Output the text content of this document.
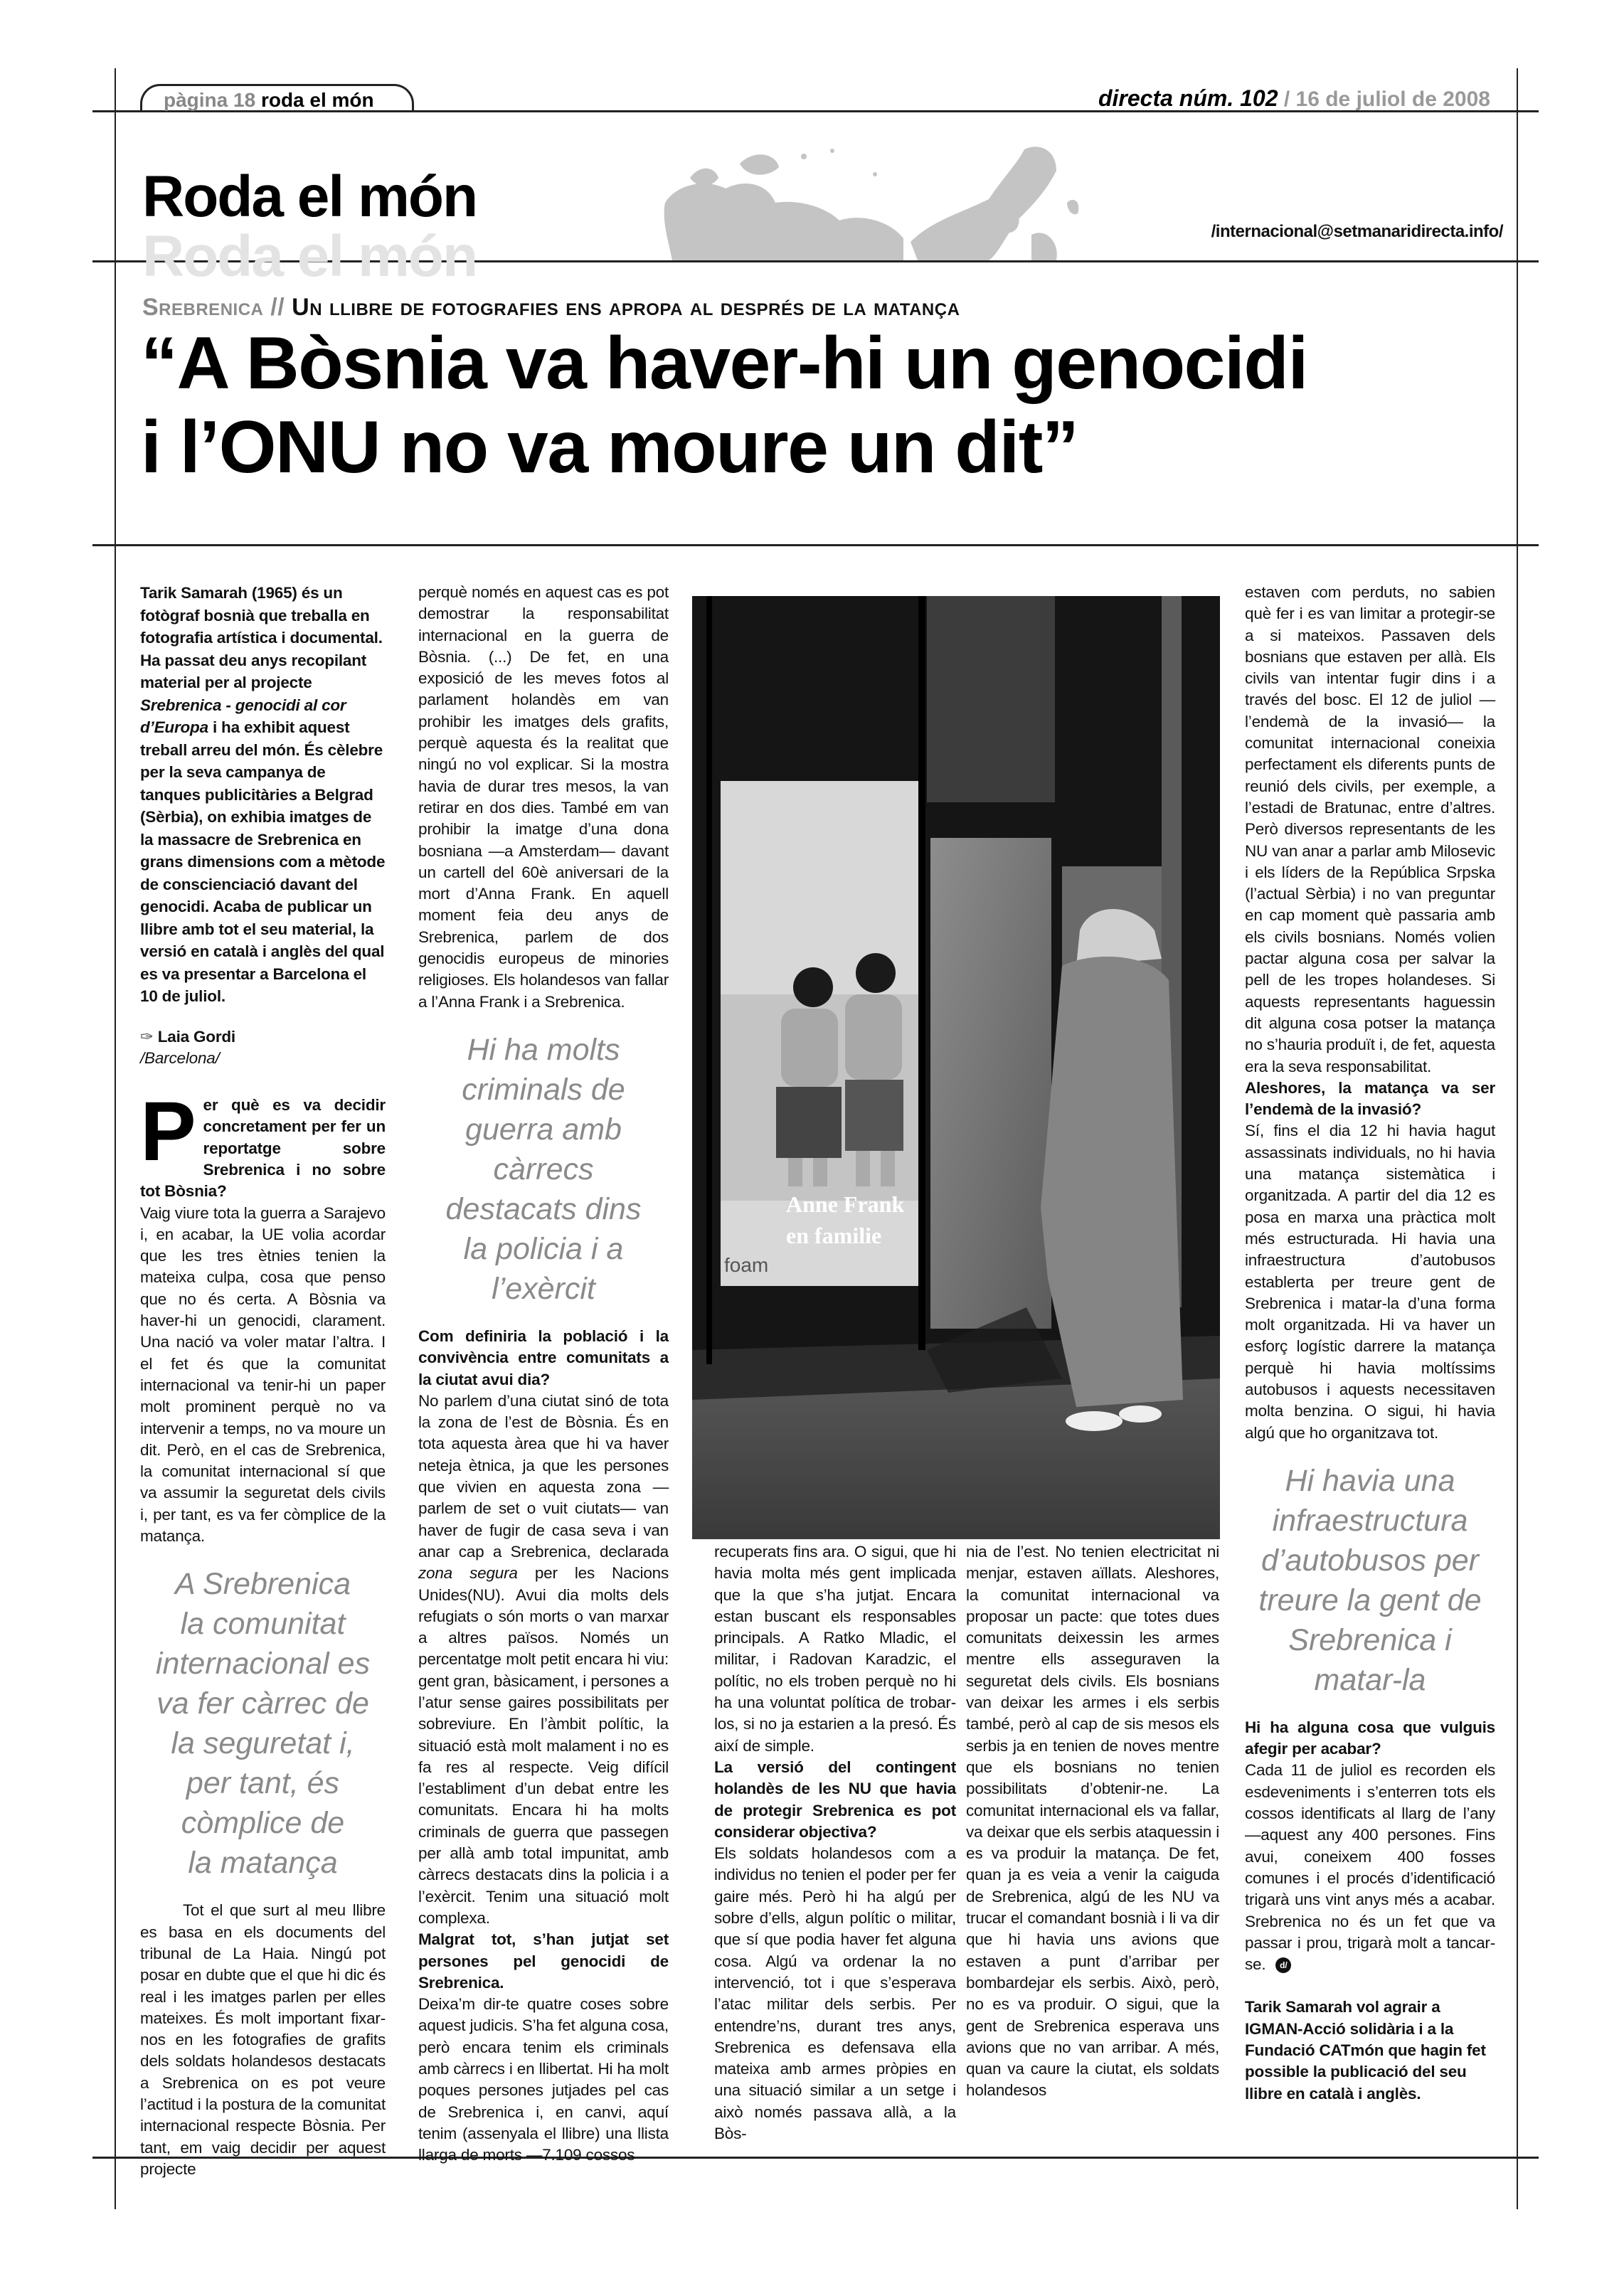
pàgina 18 roda el món	directa núm. 102 / 16 de juliol de 2008
Roda el món
Roda el món
/internacional@setmanaridirecta.info/
Srebrenica // Un llibre de fotografies ens apropa al després de la matança
“A Bòsnia va haver-hi un genocidi
i l’ONU no va moure un dit”

Tarik Samarah (1965) és un fotògraf bosnià que treballa en fotografia artística i documental. Ha passat deu anys recopilant material per al projecte Srebrenica - genocidi al cor d’Europa i ha exhibit aquest treball arreu del món. És cèlebre per la seva campanya de tanques publicitàries a Belgrad (Sèrbia), on exhibia imatges de la massacre de Srebrenica en grans dimensions com a mètode de conscienciació davant del genocidi. Acaba de publicar un llibre amb tot el seu material, la versió en català i anglès del qual es va presentar a Barcelona el 10 de juliol.

✑ Laia Gordi

/Barcelona/

Per què es va decidir concretament per fer un reportatge sobre Srebrenica i no sobre tot Bòsnia?

Vaig viure tota la guerra a Sarajevo i, en acabar, la UE volia acordar que les tres ètnies tenien la mateixa culpa, cosa que penso que no és certa. A Bòsnia va haver-hi un genocidi, clarament. Una nació va voler matar l’altra. I el fet és que la comunitat internacional va tenir-hi un paper molt prominent perquè no va intervenir a temps, no va moure un dit. Però, en el cas de Srebrenica, la comunitat internacional sí que va assumir la seguretat dels civils i, per tant, es va fer còmplice de la matança.

A Srebrenica
la comunitat
internacional es
va fer càrrec de
la seguretat i,
per tant, és
còmplice de
la matança

Tot el que surt al meu llibre es basa en els documents del tribunal de La Haia. Ningú pot posar en dubte que el que hi dic és real i les imatges parlen per elles mateixes. És molt important fixar-nos en les fotografies de grafits dels soldats holandesos destacats a Srebrenica on es pot veure l’actitud i la postura de la comunitat internacional respecte Bòsnia. Per tant, em vaig decidir per aquest projecte

perquè només en aquest cas es pot demostrar la responsabilitat internacional en la guerra de Bòsnia. (...) De fet, en una exposició de les meves fotos al parlament holandès em van prohibir les imatges dels grafits, perquè aquesta és la realitat que ningú no vol explicar. Si la mostra havia de durar tres mesos, la van retirar en dos dies. També em van prohibir la imatge d’una dona bosniana —a Amsterdam— davant un cartell del 60è aniversari de la mort d’Anna Frank. En aquell moment feia deu anys de Srebrenica, parlem de dos genocidis europeus de minories religioses. Els holandesos van fallar a l’Anna Frank i a Srebrenica.

Hi ha molts
criminals de
guerra amb
càrrecs
destacats dins
la policia i a
l’exèrcit

Com definiria la població i la convivència entre comunitats a la ciutat avui dia?

No parlem d’una ciutat sinó de tota la zona de l’est de Bòsnia. És en tota aquesta àrea que hi va haver neteja ètnica, ja que les persones que vivien en aquesta zona —parlem de set o vuit ciutats— van haver de fugir de casa seva i van anar cap a Srebrenica, declarada zona segura per les Nacions Unides(NU). Avui dia molts dels refugiats o són morts o van marxar a altres països. Només un percentatge molt petit encara hi viu: gent gran, bàsicament, i persones a l’atur sense gaires possibilitats per sobreviure. En l’àmbit polític, la situació està molt malament i no es fa res al respecte. Veig difícil l’establiment d’un debat entre les comunitats. Encara hi ha molts criminals de guerra que passegen per allà amb total impunitat, amb càrrecs destacats dins la policia i a l’exèrcit. Tenim una situació molt complexa.

Malgrat tot, s’han jutjat set persones pel genocidi de Srebrenica.

Deixa’m dir-te quatre coses sobre aquest judicis. S’ha fet alguna cosa, però encara tenim els criminals amb càrrecs i en llibertat. Hi ha molt poques persones jutjades pel cas de Srebrenica i, en canvi, aquí tenim (assenyala el llibre) una llista llarga de morts —7.109 cossos

Anne Frank
en familie
foam

recuperats fins ara. O sigui, que hi havia molta més gent implicada que la que s’ha jutjat. Encara estan buscant els responsables principals. A Ratko Mladic, el militar, i Radovan Karadzic, el polític, no els troben perquè no hi ha una voluntat política de trobar-los, si no ja estarien a la presó. És així de simple.

La versió del contingent holandès de les NU que havia de protegir Srebrenica es pot considerar objectiva?

Els soldats holandesos com a individus no tenien el poder per fer gaire més. Però hi ha algú per sobre d’ells, algun polític o militar, que sí que podia haver fet alguna cosa. Algú va ordenar la no intervenció, tot i que s’esperava l’atac militar dels serbis. Per entendre’ns, durant tres anys, Srebrenica es defensava ella mateixa amb armes pròpies en una situació similar a un setge i això només passava allà, a la Bòs-

nia de l’est. No tenien electricitat ni menjar, estaven aïllats. Aleshores, la comunitat internacional va proposar un pacte: que totes dues comunitats deixessin les armes mentre ells asseguraven la seguretat dels civils. Els bosnians van deixar les armes i els serbis també, però al cap de sis mesos els serbis ja en tenien de noves mentre que els bosnians no tenien possibilitats d’obtenir-ne. La comunitat internacional els va fallar, va deixar que els serbis ataquessin i es va produir la matança. De fet, quan ja es veia a venir la caiguda de Srebrenica, algú de les NU va trucar el comandant bosnià i li va dir que hi havia uns avions que estaven a punt d’arribar per bombardejar els serbis. Això, però, no es va produir. O sigui, que la gent de Srebrenica esperava uns avions que no van arribar. A més, quan va caure la ciutat, els soldats holandesos

estaven com perduts, no sabien què fer i es van limitar a protegir-se a si mateixos. Passaven dels bosnians que estaven per allà. Els civils van intentar fugir dins i a través del bosc. El 12 de juliol —l’endemà de la invasió— la comunitat internacional coneixia perfectament els diferents punts de reunió dels civils, per exemple, a l’estadi de Bratunac, entre d’altres. Però diversos representants de les NU van anar a parlar amb Milosevic i els líders de la República Srpska (l’actual Sèrbia) i no van preguntar en cap moment què passaria amb els civils bosnians. Només volien pactar alguna cosa per salvar la pell de les tropes holandeses. Si aquests representants haguessin dit alguna cosa potser la matança no s’hauria produït i, de fet, aquesta era la seva responsabilitat.

Aleshores, la matança va ser l’endemà de la invasió?

Sí, fins el dia 12 hi havia hagut assassinats individuals, no hi havia una matança sistemàtica i organitzada. A partir del dia 12 es posa en marxa una pràctica molt més estructurada. Hi havia una infraestructura d’autobusos establerta per treure gent de Srebrenica i matar-la d’una forma molt organitzada. Hi va haver un esforç logístic darrere la matança perquè hi havia moltíssims autobusos i aquests necessitaven molta benzina. O sigui, hi havia algú que ho organitzava tot.

Hi havia una
infraestructura
d’autobusos per
treure la gent de
Srebrenica i
matar-la

Hi ha alguna cosa que vulguis afegir per acabar?

Cada 11 de juliol es recorden els esdeveniments i s’enterren tots els cossos identificats al llarg de l’any —aquest any 400 persones. Fins avui, coneixem 400 fosses comunes i el procés d’identificació trigarà uns vint anys més a acabar. Srebrenica no és un fet que va passar i prou, trigarà molt a tancar-se. d/

Tarik Samarah vol agrair a IGMAN-Acció solidària i a la Fundació CATmón que hagin fet possible la publicació del seu llibre en català i anglès.
